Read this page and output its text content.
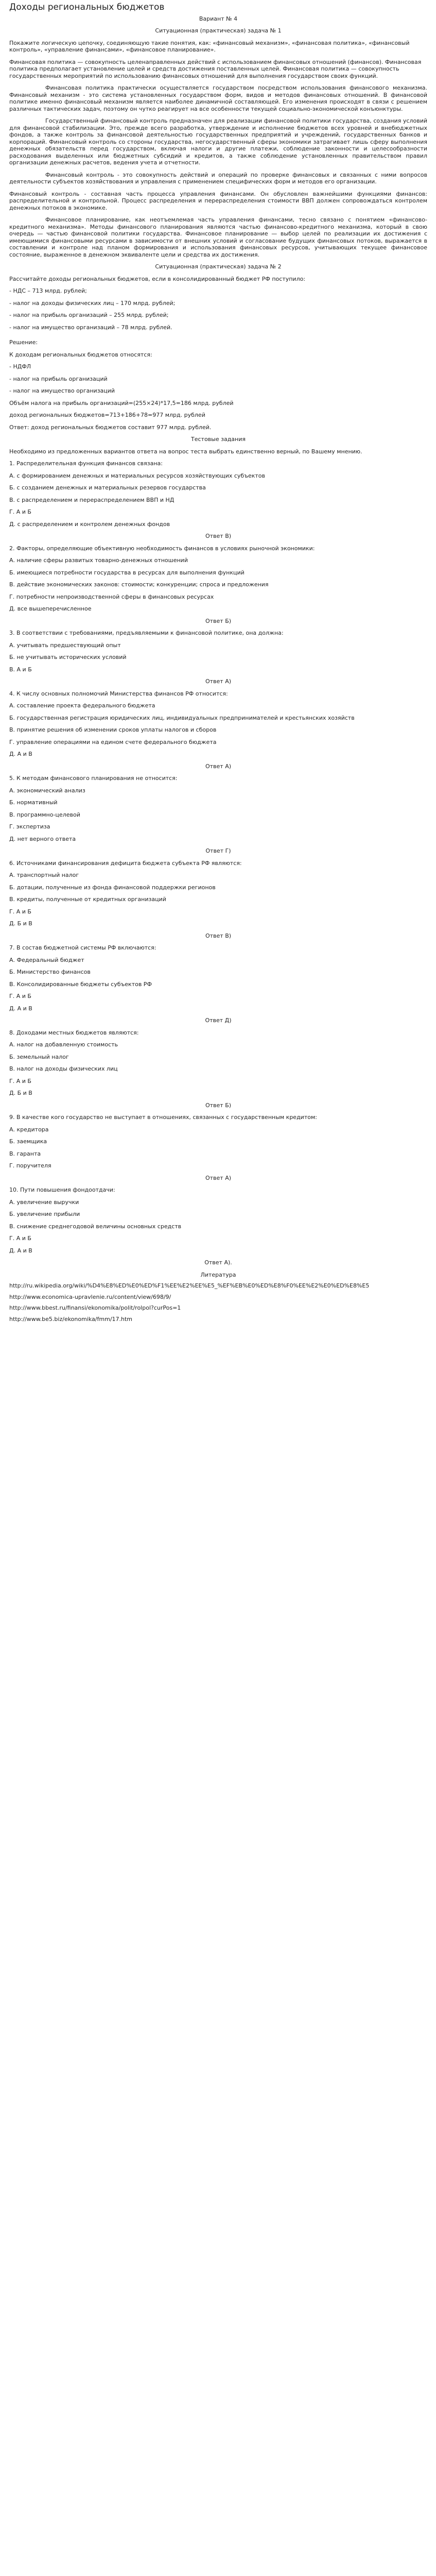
Доходы региональных бюджетов

Вариант № 4

Ситуационная (практическая) задача № 1

Покажите логическую цепочку, соединяющую такие понятия, как: «финансовый механизм», «финансовая политика», «финансовый контроль», «управление финансами», «финансовое планирование».

Финансовая политика — совокупность целенаправленных действий с использованием финансовых отношений (финансов). Финансовая политика предполагает установление целей и средств достижения поставленных целей. Финансовая политика — совокупность государственных мероприятий по использованию финансовых отношений для выполнения государством своих функций.

Финансовая политика практически осуществляется государством посредством использования финансового механизма. Финансовый механизм - это система установленных государством форм, видов и методов финансовых отношений. В финансовой политике именно финансовый механизм является наиболее динамичной составляющей. Его изменения происходят в связи с решением различных тактических задач, поэтому он чутко реагирует на все особенности текущей социально-экономической конъюнктуры.

Государственный финансовый контроль предназначен для реализации финансовой политики государства, создания условий для финансовой стабилизации. Это, прежде всего разработка, утверждение и исполнение бюджетов всех уровней и внебюджетных фондов, а также контроль за финансовой деятельностью государственных предприятий и учреждений, государственных банков и корпораций. Финансовый контроль со стороны государства, негосударственный сферы экономики затрагивает лишь сферу выполнения денежных обязательств перед государством, включая налоги и другие платежи, соблюдение законности и целесообразности расходования выделенных или бюджетных субсидий и кредитов, а также соблюдение установленных правительством правил организации денежных расчетов, ведения учета и отчетности.

Финансовый контроль - это совокупность действий и операций по проверке финансовых и связанных с ними вопросов деятельности субъектов хозяйствования и управления с применением специфических форм и методов его организации.

Финансовый контроль - составная часть процесса управления финансами. Он обусловлен важнейшими функциями финансов: распределительной и контрольной. Процесс распределения и перераспределения стоимости ВВП должен сопровождаться контролем денежных потоков в экономике.

Финансовое планирование, как неотъемлемая часть управления финансами, тесно связано с понятием «финансово-кредитного механизма». Методы финансового планирования являются частью финансово-кредитного механизма, который в свою очередь — частью финансовой политики государства. Финансовое планирование — выбор целей по реализации их достижения с имеющимися финансовыми ресурсами в зависимости от внешних условий и согласование будущих финансовых потоков, выражается в составлении и контроле над планом формирования и использования финансовых ресурсов, учитывающих текущее финансовое состояние, выраженное в денежном эквиваленте цели и средства их достижения.

Ситуационная (практическая) задача № 2

Рассчитайте доходы региональных бюджетов, если в консолидированный бюджет РФ поступило:

- НДС – 713 млрд. рублей;

- налог на доходы физических лиц – 170 млрд. рублей;

- налог на прибыль организаций – 255 млрд. рублей;

- налог на имущество организаций – 78 млрд. рублей.

Решение:

К доходам региональных бюджетов относятся:

- НДФЛ

- налог на прибыль организаций

- налог на имущество организаций

Объём налога на прибыль организаций=(255×24)*17,5=186 млрд. рублей

доход региональных бюджетов=713+186+78=977 млрд. рублей

Ответ: доход региональных бюджетов составит 977 млрд. рублей.

Тестовые задания

Необходимо из предложенных вариантов ответа на вопрос теста выбрать единственно верный, по Вашему мнению.

1. Распределительная функция финансов связана:

А. с формированием денежных и материальных ресурсов хозяйствующих субъектов

Б. с созданием денежных и материальных резервов государства

В. с распределением и перераспределением ВВП и НД

Г. А и Б

Д. с распределением и контролем денежных фондов

Ответ В)

2. Факторы, определяющие объективную необходимость финансов в условиях рыночной экономики:

А. наличие сферы развитых товарно-денежных отношений

Б. имеющиеся потребности государства в ресурсах для выполнения функций

В. действие экономических законов: стоимости; конкуренции; спроса и предложения

Г. потребности непроизводственной сферы в финансовых ресурсах

Д. все вышеперечисленное

Ответ Б)

3. В соответствии с требованиями, предъявляемыми к финансовой политике, она должна:

А. учитывать предшествующий опыт

Б. не учитывать исторических условий

В. А и Б

Ответ А)

4. К числу основных полномочий Министерства финансов РФ относится:

А. составление проекта федерального бюджета

Б. государственная регистрация юридических лиц, индивидуальных предпринимателей и крестьянских хозяйств

В. принятие решения об изменении сроков уплаты налогов и сборов

Г. управление операциями на едином счете федерального бюджета

Д. А и В

Ответ А)

5. К методам финансового планирования не относится:

А. экономический анализ

Б. нормативный

В. программно-целевой

Г. экспертиза

Д. нет верного ответа

Ответ Г)

6. Источниками финансирования дефицита бюджета субъекта РФ являются:

А. транспортный налог

Б. дотации, полученные из фонда финансовой поддержки регионов

В. кредиты, полученные от кредитных организаций

Г. А и Б

Д. Б и В

Ответ В)

7. В состав бюджетной системы РФ включаются:

А. Федеральный бюджет

Б. Министерство финансов

В. Консолидированные бюджеты субъектов РФ

Г. А и Б

Д. А и В

Ответ Д)

8. Доходами местных бюджетов являются:

А. налог на добавленную стоимость

Б. земельный налог

В. налог на доходы физических лиц

Г. А и Б

Д. Б и В

Ответ Б)

9. В качестве кого государство не выступает в отношениях, связанных с государственным кредитом:

А. кредитора

Б. заемщика

В. гаранта

Г. поручителя

Ответ А)

10. Пути повышения фондоотдачи:

А. увеличение выручки

Б. увеличение прибыли

В. снижение среднегодовой величины основных средств

Г. А и Б

Д. А и В

Ответ А).

Литература

http://ru.wikipedia.org/wiki/%D4%E8%ED%E0%ED%F1%EE%E2%EE%E5_%EF%EB%E0%ED%E8%F0%EE%E2%E0%ED%E8%E5

http://www.economica-upravlenie.ru/content/view/698/9/

http://www.bbest.ru/finansi/ekonomika/polit/rolpol?curPos=1

http://www.be5.biz/ekonomika/fmm/17.htm
